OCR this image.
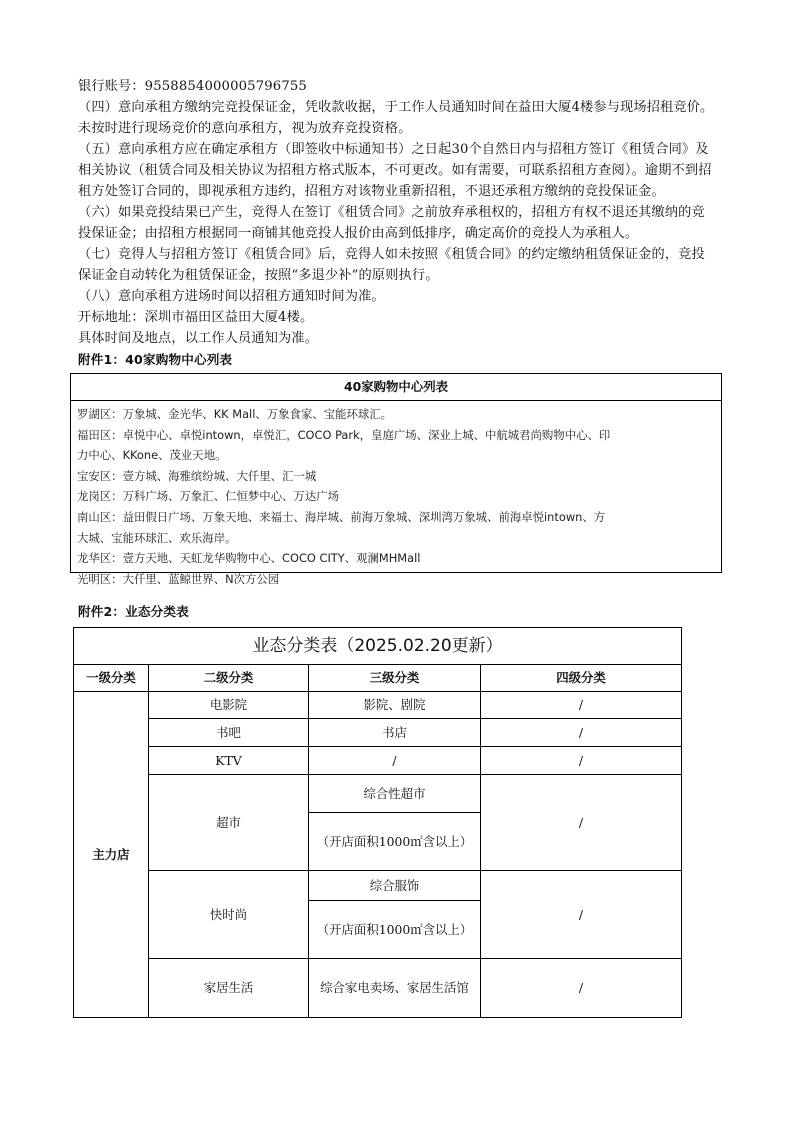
银行账号：9558854000005796755

（四）意向承租方缴纳完竞投保证金，凭收款收据，于工作人员通知时间在益田大厦4楼参与现场招租竞价。未按时进行现场竞价的意向承租方，视为放弃竞投资格。

（五）意向承租方应在确定承租方（即签收中标通知书）之日起30个自然日内与招租方签订《租赁合同》及相关协议（租赁合同及相关协议为招租方格式版本，不可更改。如有需要，可联系招租方查阅）。逾期不到招租方处签订合同的，即视承租方违约，招租方对该物业重新招租，不退还承租方缴纳的竞投保证金。

（六）如果竞投结果已产生，竞得人在签订《租赁合同》之前放弃承租权的，招租方有权不退还其缴纳的竞投保证金；由招租方根据同一商铺其他竞投人报价由高到低排序，确定高价的竞投人为承租人。

（七）竞得人与招租方签订《租赁合同》后，竞得人如未按照《租赁合同》的约定缴纳租赁保证金的，竞投保证金自动转化为租赁保证金，按照“多退少补”的原则执行。

（八）意向承租方进场时间以招租方通知时间为准。

开标地址：深圳市福田区益田大厦4楼。

具体时间及地点，以工作人员通知为准。

附件1：40家购物中心列表

40家购物中心列表
罗湖区：万象城、金光华、KK Mall、万象食家、宝能环球汇。
福田区：卓悦中心、卓悦intown，卓悦汇，COCO Park，皇庭广场、深业上城、中航城君尚购物中心、印
力中心、KKone、茂业天地。
宝安区：壹方城、海雅缤纷城、大仟里、汇一城
龙岗区：万科广场、万象汇、仁恒梦中心、万达广场
南山区：益田假日广场、万象天地、来福士、海岸城、前海万象城、深圳湾万象城、前海卓悦intown、方
大城、宝能环球汇、欢乐海岸。
龙华区：壹方天地、天虹龙华购物中心、COCO CITY、观澜MHMall
光明区：大仟里、蓝鲸世界、N次方公园

附件2：业态分类表

业态分类表（2025.02.20更新）			
一级分类	二级分类	三级分类	四级分类
主力店	电影院	影院、剧院	/
	书吧	书店	/
	KTV	/	/
	超市	综合性超市	/
		（开店面积1000㎡含以上）	
	快时尚	综合服饰	/
		（开店面积1000㎡含以上）	
	家居生活	综合家电卖场、家居生活馆	/
